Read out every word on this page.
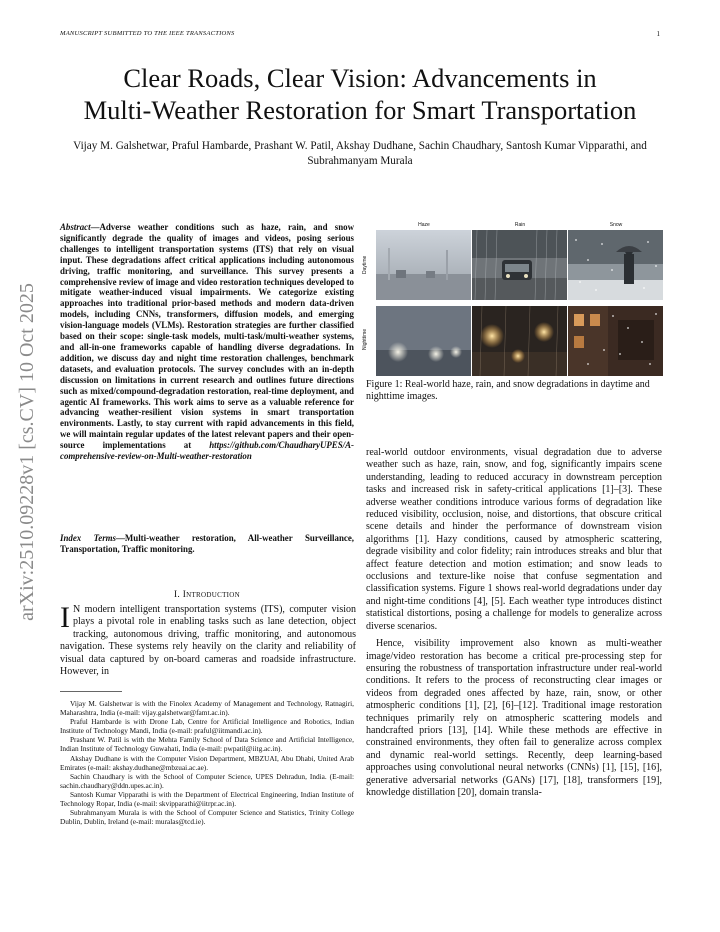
MANUSCRIPT SUBMITTED TO THE IEEE TRANSACTIONS	1
arXiv:2510.09228v1 [cs.CV] 10 Oct 2025
Clear Roads, Clear Vision: Advancements in
Multi-Weather Restoration for Smart Transportation
Vijay M. Galshetwar, Praful Hambarde, Prashant W. Patil, Akshay Dudhane, Sachin Chaudhary, Santosh Kumar Vipparathi, and Subrahmanyam Murala
Abstract—Adverse weather conditions such as haze, rain, and snow significantly degrade the quality of images and videos, posing serious challenges to intelligent transportation systems (ITS) that rely on visual input. These degradations affect critical applications including autonomous driving, traffic monitoring, and surveillance. This survey presents a comprehensive review of image and video restoration techniques developed to mitigate weather-induced visual impairments. We categorize existing approaches into traditional prior-based methods and modern data-driven models, including CNNs, transformers, diffusion models, and emerging vision-language models (VLMs). Restoration strategies are further classified based on their scope: single-task models, multi-task/multi-weather systems, and all-in-one frameworks capable of handling diverse degradations. In addition, we discuss day and night time restoration challenges, benchmark datasets, and evaluation protocols. The survey concludes with an in-depth discussion on limitations in current research and outlines future directions such as mixed/compound-degradation restoration, real-time deployment, and agentic AI frameworks. This work aims to serve as a valuable reference for advancing weather-resilient vision systems in smart transportation environments. Lastly, to stay current with rapid advancements in this field, we will maintain regular updates of the latest relevant papers and their open-source implementations at https://github.com/ChaudharyUPES/A-comprehensive-review-on-Multi-weather-restoration
Index Terms—Multi-weather restoration, All-weather Surveillance, Transportation, Traffic monitoring.
I. Introduction
I N modern intelligent transportation systems (ITS), computer vision plays a pivotal role in enabling tasks such as lane detection, object tracking, autonomous driving, traffic monitoring, and autonomous navigation. These systems rely heavily on the clarity and reliability of visual data captured by on-board cameras and roadside infrastructure. However, in

Vijay M. Galshetwar is with the Finolex Academy of Management and Technology, Ratnagiri, Maharashtra, India (e-mail: vijay.galshetwar@famt.ac.in).

Praful Hambarde is with Drone Lab, Centre for Artificial Intelligence and Robotics, Indian Institute of Technology Mandi, India (e-mail: praful@iitmandi.ac.in).

Prashant W. Patil is with the Mehta Family School of Data Science and Artificial Intelligence, Indian Institute of Technology Guwahati, India (e-mail: pwpatil@iitg.ac.in).

Akshay Dudhane is with the Computer Vision Department, MBZUAI, Abu Dhabi, United Arab Emirates (e-mail: akshay.dudhane@mbzuai.ac.ae).

Sachin Chaudhary is with the School of Computer Science, UPES Dehradun, India. (E-mail: sachin.chaudhary@ddn.upes.ac.in).

Santosh Kumar Vipparathi is with the Department of Electrical Engineering, Indian Institute of Technology Ropar, India (e-mail: skvipparathi@iitrpr.ac.in).

Subrahmanyam Murala is with the School of Computer Science and Statistics, Trinity College Dublin, Dublin, Ireland (e-mail: muralas@tcd.ie).

Haze	Rain	Snow
Daytime
Nighttime
Figure 1: Real-world haze, rain, and snow degradations in daytime and nighttime images.

real-world outdoor environments, visual degradation due to adverse weather such as haze, rain, snow, and fog, significantly impairs scene understanding, leading to reduced accuracy in downstream perception tasks and increased risk in safety-critical applications [1]–[3]. These adverse weather conditions introduce various forms of degradation like reduced visibility, occlusion, noise, and distortions, that obscure critical scene details and hinder the performance of downstream vision algorithms [1]. Hazy conditions, caused by atmospheric scattering, degrade visibility and color fidelity; rain introduces streaks and blur that affect feature detection and motion estimation; and snow leads to occlusions and texture-like noise that confuse segmentation and classification systems. Figure 1 shows real-world degradations under day and night-time conditions [4], [5]. Each weather type introduces distinct statistical distortions, posing a challenge for models to generalize across diverse scenarios.

Hence, visibility improvement also known as multi-weather image/video restoration has become a critical pre-processing step for ensuring the robustness of transportation infrastructure under real-world conditions. It refers to the process of reconstructing clear images or videos from degraded ones affected by haze, rain, snow, or other atmospheric conditions [1], [2], [6]–[12]. Traditional image restoration techniques primarily rely on atmospheric scattering models and handcrafted priors [13], [14]. While these methods are effective in constrained environments, they often fail to generalize across complex and dynamic real-world settings. Recently, deep learning-based approaches using convolutional neural networks (CNNs) [1], [15], [16], generative adversarial networks (GANs) [17], [18], transformers [19], knowledge distillation [20], domain transla-
